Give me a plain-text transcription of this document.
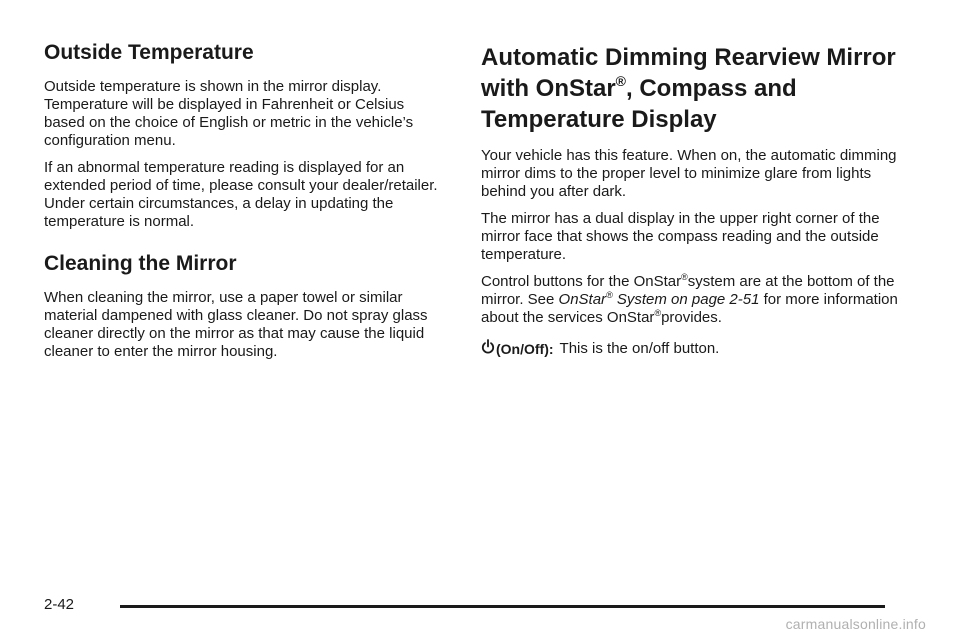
Outside Temperature

Outside temperature is shown in the mirror display. Temperature will be displayed in Fahrenheit or Celsius based on the choice of English or metric in the vehicle’s configuration menu.

If an abnormal temperature reading is displayed for an extended period of time, please consult your dealer/retailer. Under certain circumstances, a delay in updating the temperature is normal.

Cleaning the Mirror

When cleaning the mirror, use a paper towel or similar material dampened with glass cleaner. Do not spray glass cleaner directly on the mirror as that may cause the liquid cleaner to enter the mirror housing.

Automatic Dimming Rearview Mirror with OnStar®, Compass and Temperature Display

Your vehicle has this feature. When on, the automatic dimming mirror dims to the proper level to minimize glare from lights behind you after dark.

The mirror has a dual display in the upper right corner of the mirror face that shows the compass reading and the outside temperature.

Control buttons for the OnStar®system are at the bottom of the mirror. See OnStar® System on page 2-51 for more information about the services OnStar®provides.

(On/Off): This is the on/off button.
2-42
carmanualsonline.info
